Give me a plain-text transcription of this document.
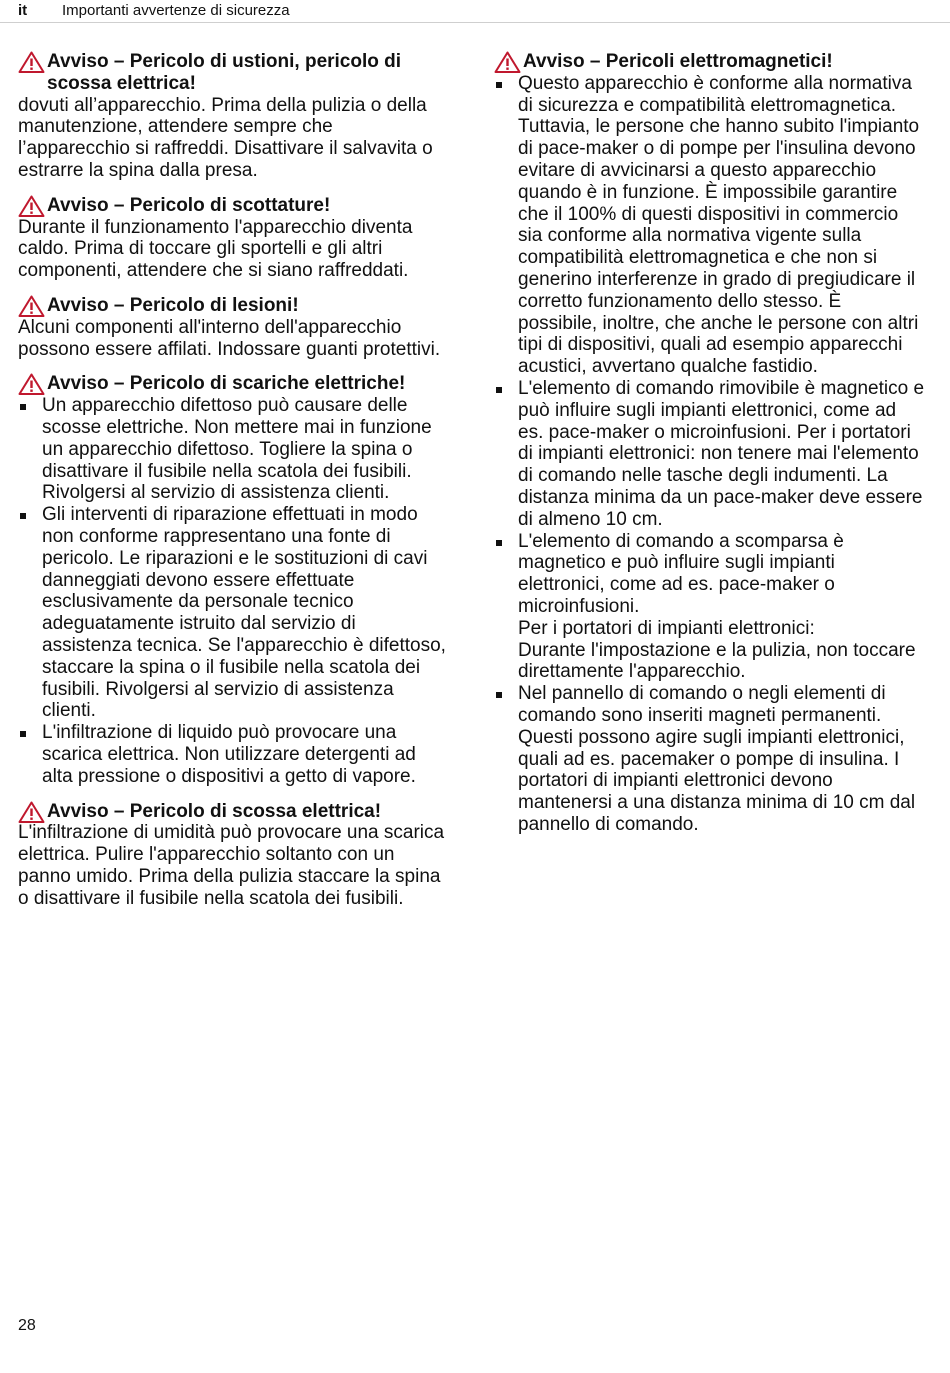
it	Importanti avvertenze di sicurezza
Avviso – Pericolo di ustioni, pericolo di scossa elettrica!
dovuti all’apparecchio. Prima della pulizia o della manutenzione, attendere sempre che l’apparecchio si raffreddi. Disattivare il salvavita o estrarre la spina dalla presa.
Avviso – Pericolo di scottature!
Durante il funzionamento l'apparecchio diventa caldo. Prima di toccare gli sportelli e gli altri componenti, attendere che si siano raffreddati.
Avviso – Pericolo di lesioni!
Alcuni componenti all'interno dell'apparecchio possono essere affilati. Indossare guanti protettivi.
Avviso – Pericolo di scariche elettriche!
Un apparecchio difettoso può causare delle scosse elettriche. Non mettere mai in funzione un apparecchio difettoso. Togliere la spina o disattivare il fusibile nella scatola dei fusibili. Rivolgersi al servizio di assistenza clienti.
Gli interventi di riparazione effettuati in modo non conforme rappresentano una fonte di pericolo. Le riparazioni e le sostituzioni di cavi danneggiati devono essere effettuate esclusivamente da personale tecnico adeguatamente istruito dal servizio di assistenza tecnica. Se l'apparecchio è difettoso, staccare la spina o il fusibile nella scatola dei fusibili. Rivolgersi al servizio di assistenza clienti.
L'infiltrazione di liquido può provocare una scarica elettrica. Non utilizzare detergenti ad alta pressione o dispositivi a getto di vapore.
Avviso – Pericolo di scossa elettrica!
L'infiltrazione di umidità può provocare una scarica elettrica. Pulire l'apparecchio soltanto con un panno umido. Prima della pulizia staccare la spina o disattivare il fusibile nella scatola dei fusibili.
Avviso – Pericoli elettromagnetici!
Questo apparecchio è conforme alla normativa di sicurezza e compatibilità elettromagnetica. Tuttavia, le persone che hanno subito l'impianto di pace-maker o di pompe per l'insulina devono evitare di avvicinarsi a questo apparecchio quando è in funzione. È impossibile garantire che il 100% di questi dispositivi in commercio sia conforme alla normativa vigente sulla compatibilità elettromagnetica e che non si generino interferenze in grado di pregiudicare il corretto funzionamento dello stesso. È possibile, inoltre, che anche le persone con altri tipi di dispositivi, quali ad esempio apparecchi acustici, avvertano qualche fastidio.
L'elemento di comando rimovibile è magnetico e può influire sugli impianti elettronici, come ad es. pace-maker o microinfusioni. Per i portatori di impianti elettronici: non tenere mai l'elemento di comando nelle tasche degli indumenti. La distanza minima da un pace-maker deve essere di almeno 10 cm.
L'elemento di comando a scomparsa è magnetico e può influire sugli impianti elettronici, come ad es. pace-maker o microinfusioni.
Per i portatori di impianti elettronici:
Durante l'impostazione e la pulizia, non toccare direttamente l'apparecchio.
Nel pannello di comando o negli elementi di comando sono inseriti magneti permanenti. Questi possono agire sugli impianti elettronici, quali ad es. pacemaker o pompe di insulina. I portatori di impianti elettronici devono mantenersi a una distanza minima di 10 cm dal pannello di comando.
28
